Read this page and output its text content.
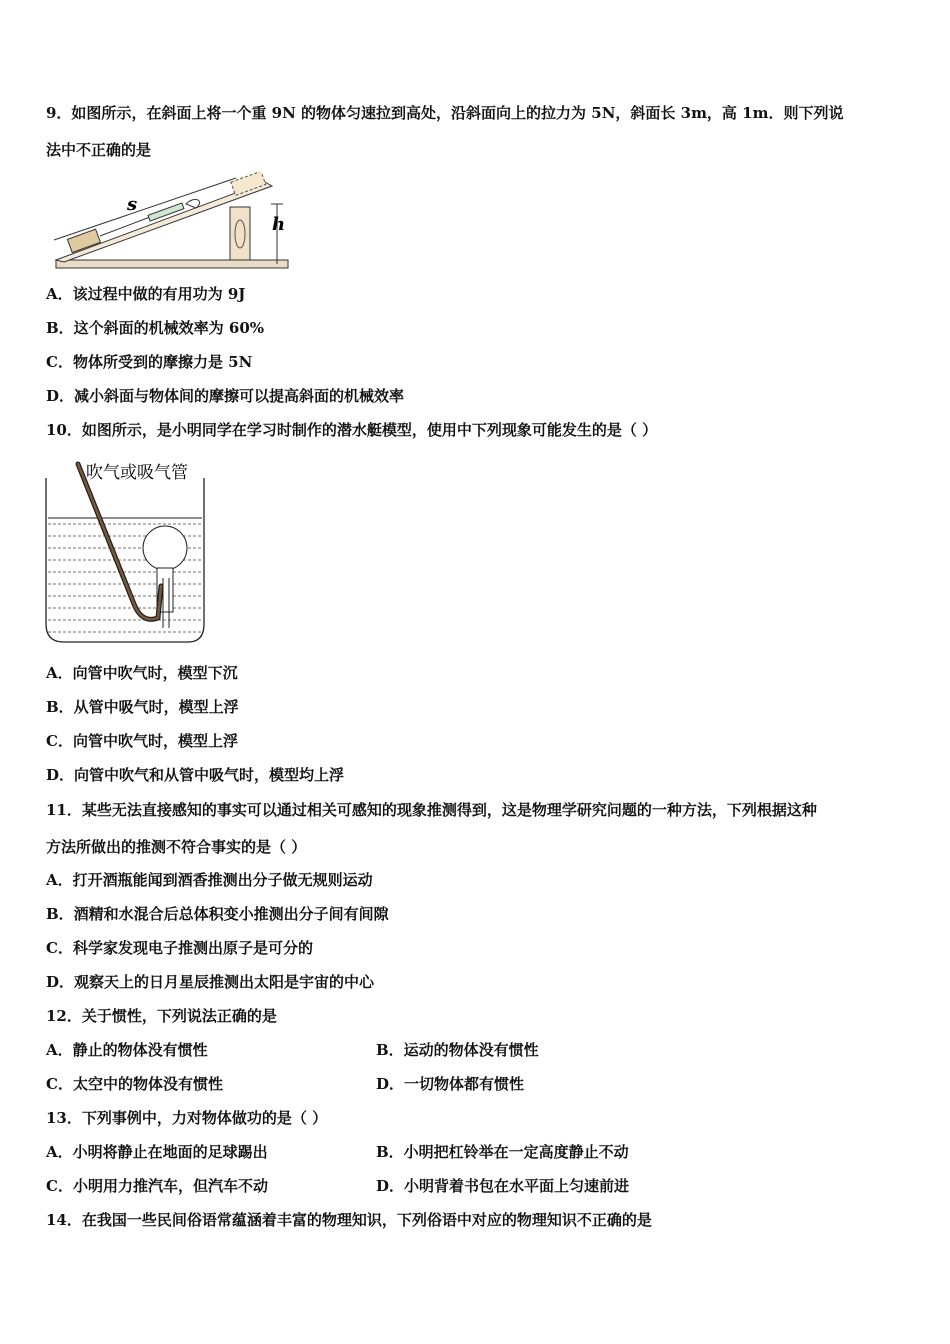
9．如图所示，在斜面上将一个重 9N 的物体匀速拉到高处，沿斜面向上的拉力为 5N，斜面长 3m，高 1m．则下列说
法中不正确的是
s
h
A．该过程中做的有用功为 9J
B．这个斜面的机械效率为 60%
C．物体所受到的摩擦力是 5N
D．减小斜面与物体间的摩擦可以提高斜面的机械效率
10．如图所示，是小明同学在学习时制作的潜水艇模型，使用中下列现象可能发生的是（ ）
吹气或吸气管
A．向管中吹气时，模型下沉
B．从管中吸气时，模型上浮
C．向管中吹气时，模型上浮
D．向管中吹气和从管中吸气时，模型均上浮
11．某些无法直接感知的事实可以通过相关可感知的现象推测得到，这是物理学研究问题的一种方法，下列根据这种
方法所做出的推测不符合事实的是（ ）
A．打开酒瓶能闻到酒香推测出分子做无规则运动
B．酒精和水混合后总体积变小推测出分子间有间隙
C．科学家发现电子推测出原子是可分的
D．观察天上的日月星辰推测出太阳是宇宙的中心
12．关于惯性，下列说法正确的是
A．静止的物体没有惯性	B．运动的物体没有惯性
C．太空中的物体没有惯性	D．一切物体都有惯性
13．下列事例中，力对物体做功的是（ ）
A．小明将静止在地面的足球踢出	B．小明把杠铃举在一定高度静止不动
C．小明用力推汽车，但汽车不动	D．小明背着书包在水平面上匀速前进
14．在我国一些民间俗语常蕴涵着丰富的物理知识，下列俗语中对应的物理知识不正确的是
